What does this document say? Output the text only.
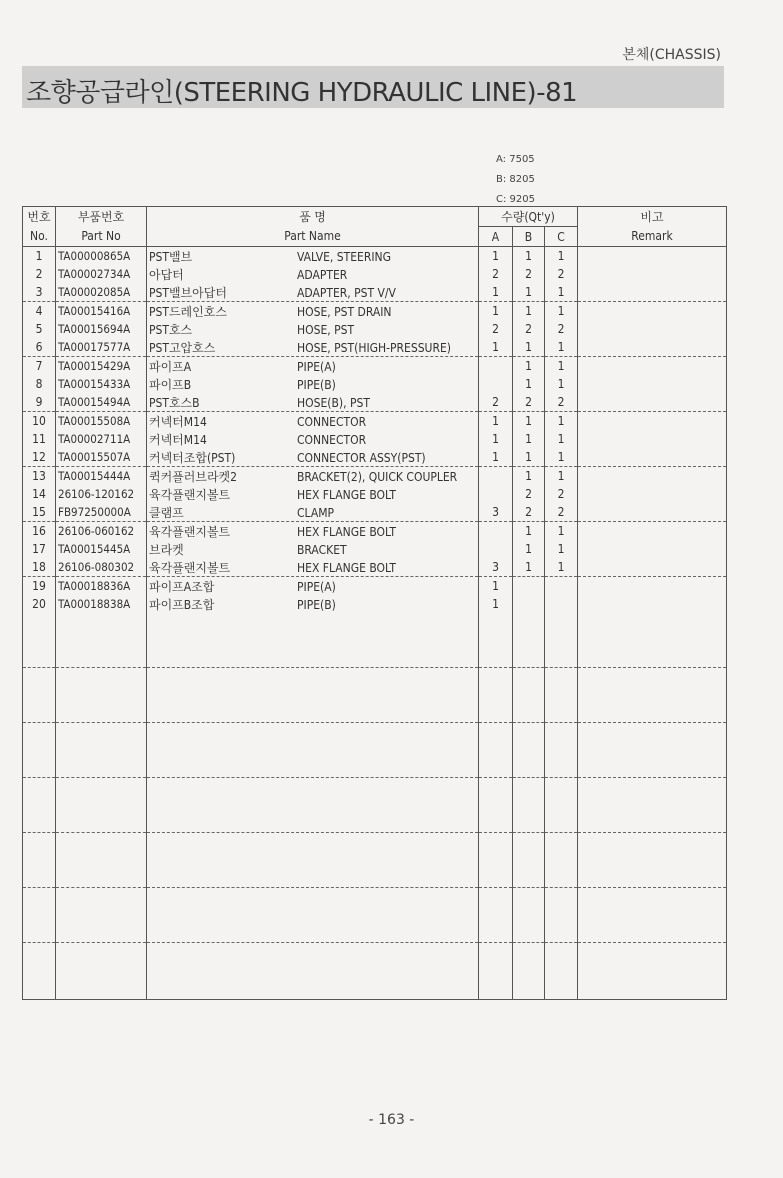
본체(CHASSIS)
조향공급라인(STEERING HYDRAULIC LINE)-81
A: 7505
B: 8205
C: 9205
번호	부품번호	품 명	수량(Qt'y)			비고
No.	Part No	Part Name	A	B	C	Remark
1	TA00000865A	PST밸브 VALVE, STEERING	1	1	1	
2	TA00002734A	아답터 ADAPTER	2	2	2	
3	TA00002085A	PST밸브아답터 ADAPTER, PST V/V	1	1	1	
4	TA00015416A	PST드레인호스 HOSE, PST DRAIN	1	1	1	
5	TA00015694A	PST호스 HOSE, PST	2	2	2	
6	TA00017577A	PST고압호스 HOSE, PST(HIGH-PRESSURE)	1	1	1	
7	TA00015429A	파이프A PIPE(A)		1	1	
8	TA00015433A	파이프B PIPE(B)		1	1	
9	TA00015494A	PST호스B HOSE(B), PST	2	2	2	
10	TA00015508A	커넥터M14 CONNECTOR	1	1	1	
11	TA00002711A	커넥터M14 CONNECTOR	1	1	1	
12	TA00015507A	커넥터조합(PST) CONNECTOR ASSY(PST)	1	1	1	
13	TA00015444A	퀵커플러브라켓2 BRACKET(2), QUICK COUPLER		1	1	
14	26106-120162	육각플랜지볼트 HEX FLANGE BOLT		2	2	
15	FB97250000A	클램프 CLAMP	3	2	2	
16	26106-060162	육각플랜지볼트 HEX FLANGE BOLT		1	1	
17	TA00015445A	브라켓 BRACKET		1	1	
18	26106-080302	육각플랜지볼트 HEX FLANGE BOLT	3	1	1	
19	TA00018836A	파이프A조합 PIPE(A)	1			
20	TA00018838A	파이프B조합 PIPE(B)	1			

- 163 -
